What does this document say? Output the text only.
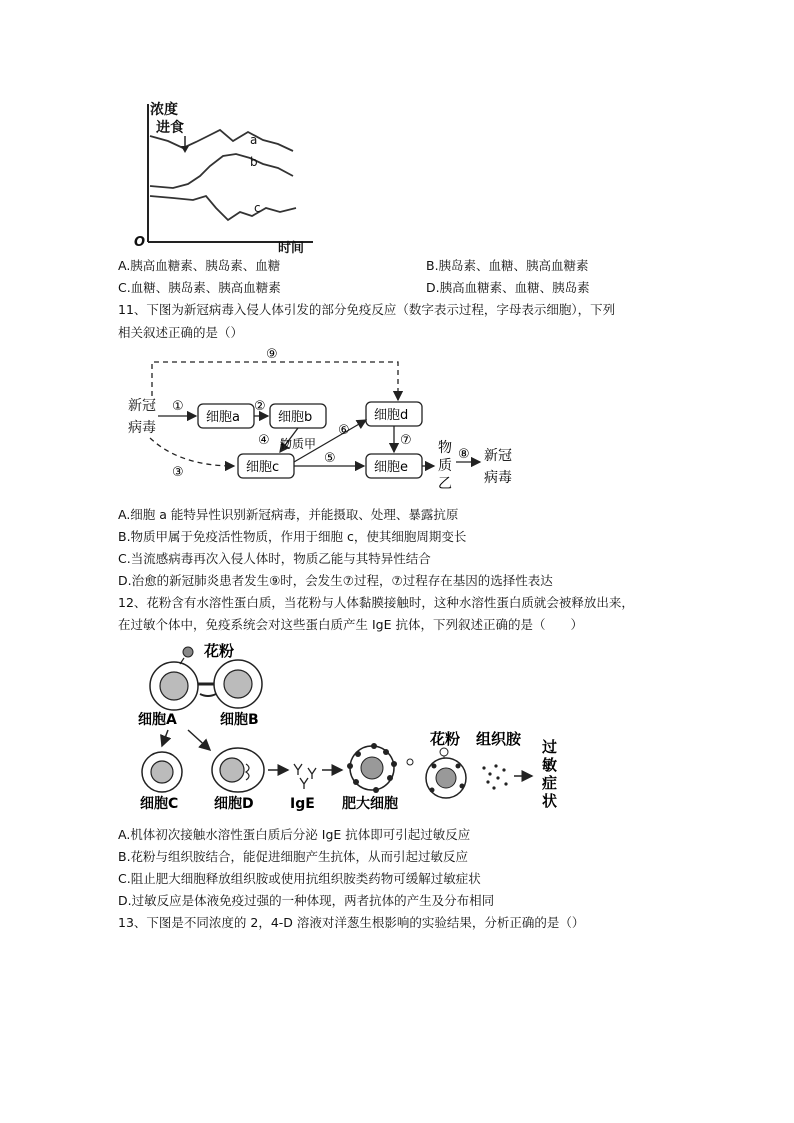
浓度
进食
a
b
c
O	时间
A.胰高血糖素、胰岛素、血糖	B.胰岛素、血糖、胰高血糖素
C.血糖、胰岛素、胰高血糖素	D.胰高血糖素、血糖、胰岛素
11、下图为新冠病毒入侵人体引发的部分免疫反应（数字表示过程，字母表示细胞），下列
相关叙述正确的是（）
新冠
病毒
⑨
细胞a	细胞b	细胞d
细胞c	细胞e
①	②
④ 物质甲
③
⑥
⑤
⑦ 物
质
乙
⑧ 新冠
病毒
A.细胞 a 能特异性识别新冠病毒，并能摄取、处理、暴露抗原
B.物质甲属于免疫活性物质，作用于细胞 c，使其细胞周期变长
C.当流感病毒再次入侵人体时，物质乙能与其特异性结合
D.治愈的新冠肺炎患者发生⑨时，会发生⑦过程，⑦过程存在基因的选择性表达
12、花粉含有水溶性蛋白质，当花粉与人体黏膜接触时，这种水溶性蛋白质就会被释放出来，
在过敏个体中，免疫系统会对这些蛋白质产生 IgE 抗体，下列叙述正确的是（　　）
花粉
细胞A	细胞B
细胞C	细胞D	IgE 肥大细胞
花粉 组织胺 过
敏
症
状
A.机体初次接触水溶性蛋白质后分泌 IgE 抗体即可引起过敏反应
B.花粉与组织胺结合，能促进细胞产生抗体，从而引起过敏反应
C.阻止肥大细胞释放组织胺或使用抗组织胺类药物可缓解过敏症状
D.过敏反应是体液免疫过强的一种体现，两者抗体的产生及分布相同
13、下图是不同浓度的 2，4-D 溶液对洋葱生根影响的实验结果，分析正确的是（）
